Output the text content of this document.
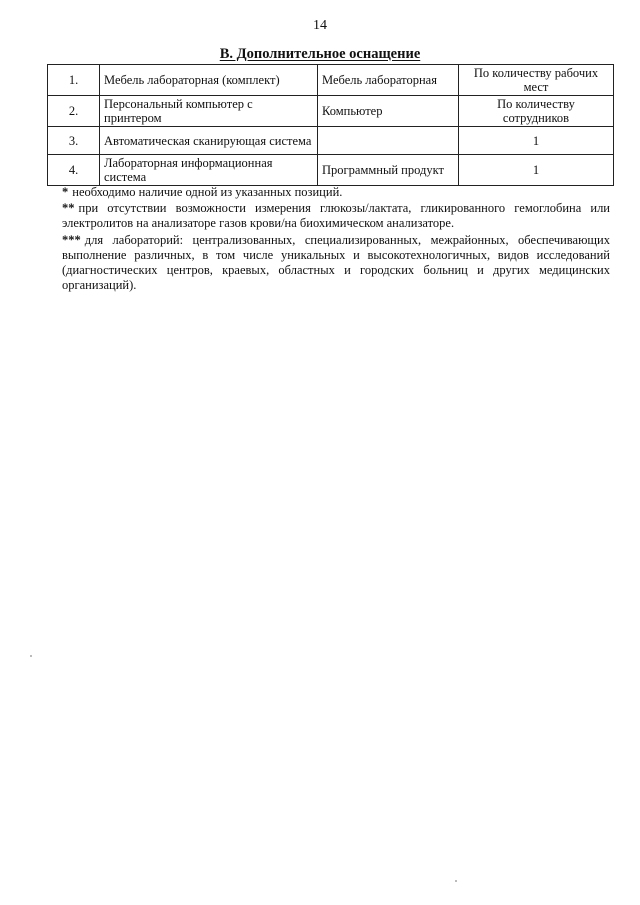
14
В. Дополнительное оснащение
1.	Мебель лабораторная (комплект)	Мебель лабораторная	По количеству рабочих мест
2.	Персональный компьютер с принтером	Компьютер	По количеству сотрудников
3.	Автоматическая сканирующая система		1
4.	Лабораторная информационная система	Программный продукт	1

* необходимо наличие одной из указанных позиций.

** при отсутствии возможности измерения глюкозы/лактата, гликированного гемоглобина или электролитов на анализаторе газов крови/на биохимическом анализаторе.

*** для лабораторий: централизованных, специализированных, межрайонных, обеспечивающих выполнение различных, в том числе уникальных и высокотехнологичных, видов исследований (диагностических центров, краевых, областных и городских больниц и других медицинских организаций).
